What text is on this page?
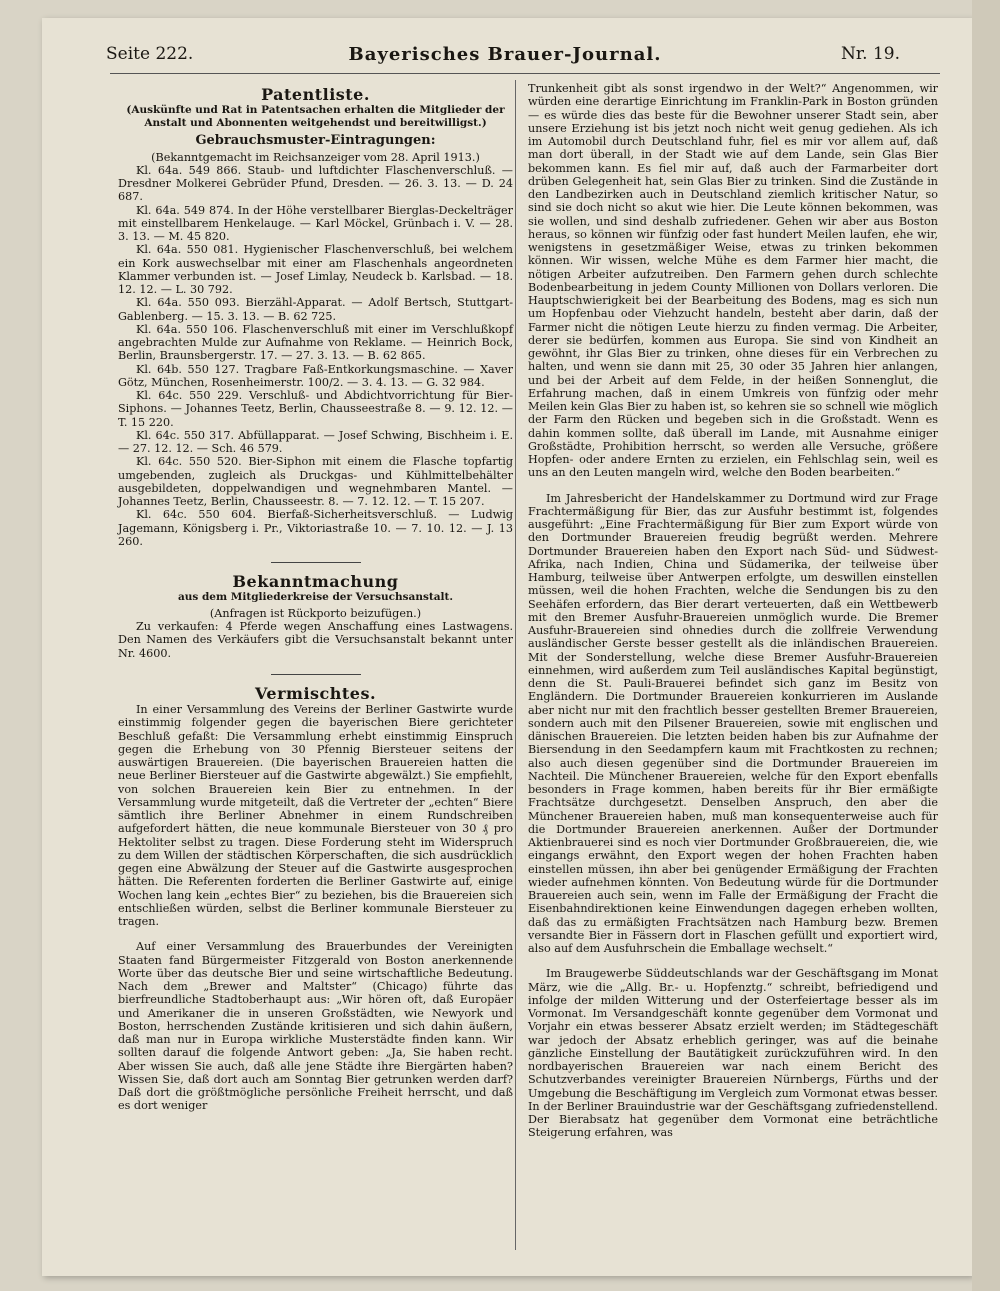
Seite 222.	Bayerisches Brauer-Journal.	Nr. 19.
Patentliste.
(Auskünfte und Rat in Patentsachen erhalten die Mitglieder der Anstalt und Abonnenten weitgehendst und bereitwilligst.)
Gebrauchsmuster-Eintragungen:

(Bekanntgemacht im Reichsanzeiger vom 28. April 1913.)

Kl. 64a. 549 866. Staub- und luftdichter Flaschenverschluß. — Dresdner Molkerei Gebrüder Pfund, Dresden. — 26. 3. 13. — D. 24 687.

Kl. 64a. 549 874. In der Höhe verstellbarer Bierglas-Deckelträger mit einstellbarem Henkelauge. — Karl Möckel, Grünbach i. V. — 28. 3. 13. — M. 45 820.

Kl. 64a. 550 081. Hygienischer Flaschenverschluß, bei welchem ein Kork auswechselbar mit einer am Flaschenhals angeordneten Klammer verbunden ist. — Josef Limlay, Neudeck b. Karlsbad. — 18. 12. 12. — L. 30 792.

Kl. 64a. 550 093. Bierzähl-Apparat. — Adolf Bertsch, Stuttgart-Gablenberg. — 15. 3. 13. — B. 62 725.

Kl. 64a. 550 106. Flaschenverschluß mit einer im Verschlußkopf angebrachten Mulde zur Aufnahme von Reklame. — Heinrich Bock, Berlin, Braunsbergerstr. 17. — 27. 3. 13. — B. 62 865.

Kl. 64b. 550 127. Tragbare Faß-Entkorkungsmaschine. — Xaver Götz, München, Rosenheimerstr. 100/2. — 3. 4. 13. — G. 32 984.

Kl. 64c. 550 229. Verschluß- und Abdichtvorrichtung für Bier-Siphons. — Johannes Teetz, Berlin, Chausseestraße 8. — 9. 12. 12. — T. 15 220.

Kl. 64c. 550 317. Abfüllapparat. — Josef Schwing, Bischheim i. E. — 27. 12. 12. — Sch. 46 579.

Kl. 64c. 550 520. Bier-Siphon mit einem die Flasche topfartig umgebenden, zugleich als Druckgas- und Kühlmittelbehälter ausgebildeten, doppelwandigen und wegnehmbaren Mantel. — Johannes Teetz, Berlin, Chausseestr. 8. — 7. 12. 12. — T. 15 207.

Kl. 64c. 550 604. Bierfaß-Sicherheitsverschluß. — Ludwig Jagemann, Königsberg i. Pr., Viktoriastraße 10. — 7. 10. 12. — J. 13 260.

Bekanntmachung
aus dem Mitgliederkreise der Versuchsanstalt.

(Anfragen ist Rückporto beizufügen.)

Zu verkaufen: 4 Pferde wegen Anschaffung eines Lastwagens. Den Namen des Verkäufers gibt die Versuchsanstalt bekannt unter Nr. 4600.

Vermischtes.

In einer Versammlung des Vereins der Berliner Gastwirte wurde einstimmig folgender gegen die bayerischen Biere gerichteter Beschluß gefaßt: Die Versammlung erhebt einstimmig Einspruch gegen die Erhebung von 30 Pfennig Biersteuer seitens der auswärtigen Brauereien. (Die bayerischen Brauereien hatten die neue Berliner Biersteuer auf die Gastwirte abgewälzt.) Sie empfiehlt, von solchen Brauereien kein Bier zu entnehmen. In der Versammlung wurde mitgeteilt, daß die Vertreter der „echten“ Biere sämtlich ihre Berliner Abnehmer in einem Rundschreiben aufgefordert hätten, die neue kommunale Biersteuer von 30 ₰ pro Hektoliter selbst zu tragen. Diese Forderung steht im Widerspruch zu dem Willen der städtischen Körperschaften, die sich ausdrücklich gegen eine Abwälzung der Steuer auf die Gastwirte ausgesprochen hätten. Die Referenten forderten die Berliner Gastwirte auf, einige Wochen lang kein „echtes Bier“ zu beziehen, bis die Brauereien sich entschließen würden, selbst die Berliner kommunale Biersteuer zu tragen.

Auf einer Versammlung des Brauerbundes der Vereinigten Staaten fand Bürgermeister Fitzgerald von Boston anerkennende Worte über das deutsche Bier und seine wirtschaftliche Bedeutung. Nach dem „Brewer and Maltster“ (Chicago) führte das bierfreundliche Stadtoberhaupt aus: „Wir hören oft, daß Europäer und Amerikaner die in unseren Großstädten, wie Newyork und Boston, herrschenden Zustände kritisieren und sich dahin äußern, daß man nur in Europa wirkliche Musterstädte finden kann. Wir sollten darauf die folgende Antwort geben: „Ja, Sie haben recht. Aber wissen Sie auch, daß alle jene Städte ihre Biergärten haben? Wissen Sie, daß dort auch am Sonntag Bier getrunken werden darf? Daß dort die größtmögliche persönliche Freiheit herrscht, und daß es dort weniger

Trunkenheit gibt als sonst irgendwo in der Welt?“ Angenommen, wir würden eine derartige Einrichtung im Franklin-Park in Boston gründen — es würde dies das beste für die Bewohner unserer Stadt sein, aber unsere Erziehung ist bis jetzt noch nicht weit genug gediehen. Als ich im Automobil durch Deutschland fuhr, fiel es mir vor allem auf, daß man dort überall, in der Stadt wie auf dem Lande, sein Glas Bier bekommen kann. Es fiel mir auf, daß auch der Farmarbeiter dort drüben Gelegenheit hat, sein Glas Bier zu trinken. Sind die Zustände in den Landbezirken auch in Deutschland ziemlich kritischer Natur, so sind sie doch nicht so akut wie hier. Die Leute können bekommen, was sie wollen, und sind deshalb zufriedener. Gehen wir aber aus Boston heraus, so können wir fünfzig oder fast hundert Meilen laufen, ehe wir, wenigstens in gesetzmäßiger Weise, etwas zu trinken bekommen können. Wir wissen, welche Mühe es dem Farmer hier macht, die nötigen Arbeiter aufzutreiben. Den Farmern gehen durch schlechte Bodenbearbeitung in jedem County Millionen von Dollars verloren. Die Hauptschwierigkeit bei der Bearbeitung des Bodens, mag es sich nun um Hopfenbau oder Viehzucht handeln, besteht aber darin, daß der Farmer nicht die nötigen Leute hierzu zu finden vermag. Die Arbeiter, derer sie bedürfen, kommen aus Europa. Sie sind von Kindheit an gewöhnt, ihr Glas Bier zu trinken, ohne dieses für ein Verbrechen zu halten, und wenn sie dann mit 25, 30 oder 35 Jahren hier anlangen, und bei der Arbeit auf dem Felde, in der heißen Sonnenglut, die Erfahrung machen, daß in einem Umkreis von fünfzig oder mehr Meilen kein Glas Bier zu haben ist, so kehren sie so schnell wie möglich der Farm den Rücken und begeben sich in die Großstadt. Wenn es dahin kommen sollte, daß überall im Lande, mit Ausnahme einiger Großstädte, Prohibition herrscht, so werden alle Versuche, größere Hopfen- oder andere Ernten zu erzielen, ein Fehlschlag sein, weil es uns an den Leuten mangeln wird, welche den Boden bearbeiten.“

Im Jahresbericht der Handelskammer zu Dortmund wird zur Frage Frachtermäßigung für Bier, das zur Ausfuhr bestimmt ist, folgendes ausgeführt: „Eine Frachtermäßigung für Bier zum Export würde von den Dortmunder Brauereien freudig begrüßt werden. Mehrere Dortmunder Brauereien haben den Export nach Süd- und Südwest-Afrika, nach Indien, China und Südamerika, der teilweise über Hamburg, teilweise über Antwerpen erfolgte, um deswillen einstellen müssen, weil die hohen Frachten, welche die Sendungen bis zu den Seehäfen erfordern, das Bier derart verteuerten, daß ein Wettbewerb mit den Bremer Ausfuhr-Brauereien unmöglich wurde. Die Bremer Ausfuhr-Brauereien sind ohnedies durch die zollfreie Verwendung ausländischer Gerste besser gestellt als die inländischen Brauereien. Mit der Sonderstellung, welche diese Bremer Ausfuhr-Brauereien einnehmen, wird außerdem zum Teil ausländisches Kapital begünstigt, denn die St. Pauli-Brauerei befindet sich ganz im Besitz von Engländern. Die Dortmunder Brauereien konkurrieren im Auslande aber nicht nur mit den frachtlich besser gestellten Bremer Brauereien, sondern auch mit den Pilsener Brauereien, sowie mit englischen und dänischen Brauereien. Die letzten beiden haben bis zur Aufnahme der Biersendung in den Seedampfern kaum mit Frachtkosten zu rechnen; also auch diesen gegenüber sind die Dortmunder Brauereien im Nachteil. Die Münchener Brauereien, welche für den Export ebenfalls besonders in Frage kommen, haben bereits für ihr Bier ermäßigte Frachtsätze durchgesetzt. Denselben Anspruch, den aber die Münchener Brauereien haben, muß man konsequenterweise auch für die Dortmunder Brauereien anerkennen. Außer der Dortmunder Aktienbrauerei sind es noch vier Dortmunder Großbrauereien, die, wie eingangs erwähnt, den Export wegen der hohen Frachten haben einstellen müssen, ihn aber bei genügender Ermäßigung der Frachten wieder aufnehmen könnten. Von Bedeutung würde für die Dortmunder Brauereien auch sein, wenn im Falle der Ermäßigung der Fracht die Eisenbahndirektionen keine Einwendungen dagegen erheben wollten, daß das zu ermäßigten Frachtsätzen nach Hamburg bezw. Bremen versandte Bier in Fässern dort in Flaschen gefüllt und exportiert wird, also auf dem Ausfuhrschein die Emballage wechselt.“

Im Braugewerbe Süddeutschlands war der Geschäftsgang im Monat März, wie die „Allg. Br.- u. Hopfenztg.“ schreibt, befriedigend und infolge der milden Witterung und der Osterfeiertage besser als im Vormonat. Im Versandgeschäft konnte gegenüber dem Vormonat und Vorjahr ein etwas besserer Absatz erzielt werden; im Städtegeschäft war jedoch der Absatz erheblich geringer, was auf die beinahe gänzliche Einstellung der Bautätigkeit zurückzuführen wird. In den nordbayerischen Brauereien war nach einem Bericht des Schutzverbandes vereinigter Brauereien Nürnbergs, Fürths und der Umgebung die Beschäftigung im Vergleich zum Vormonat etwas besser. In der Berliner Brauindustrie war der Geschäftsgang zufriedenstellend. Der Bierabsatz hat gegenüber dem Vormonat eine beträchtliche Steigerung erfahren, was
